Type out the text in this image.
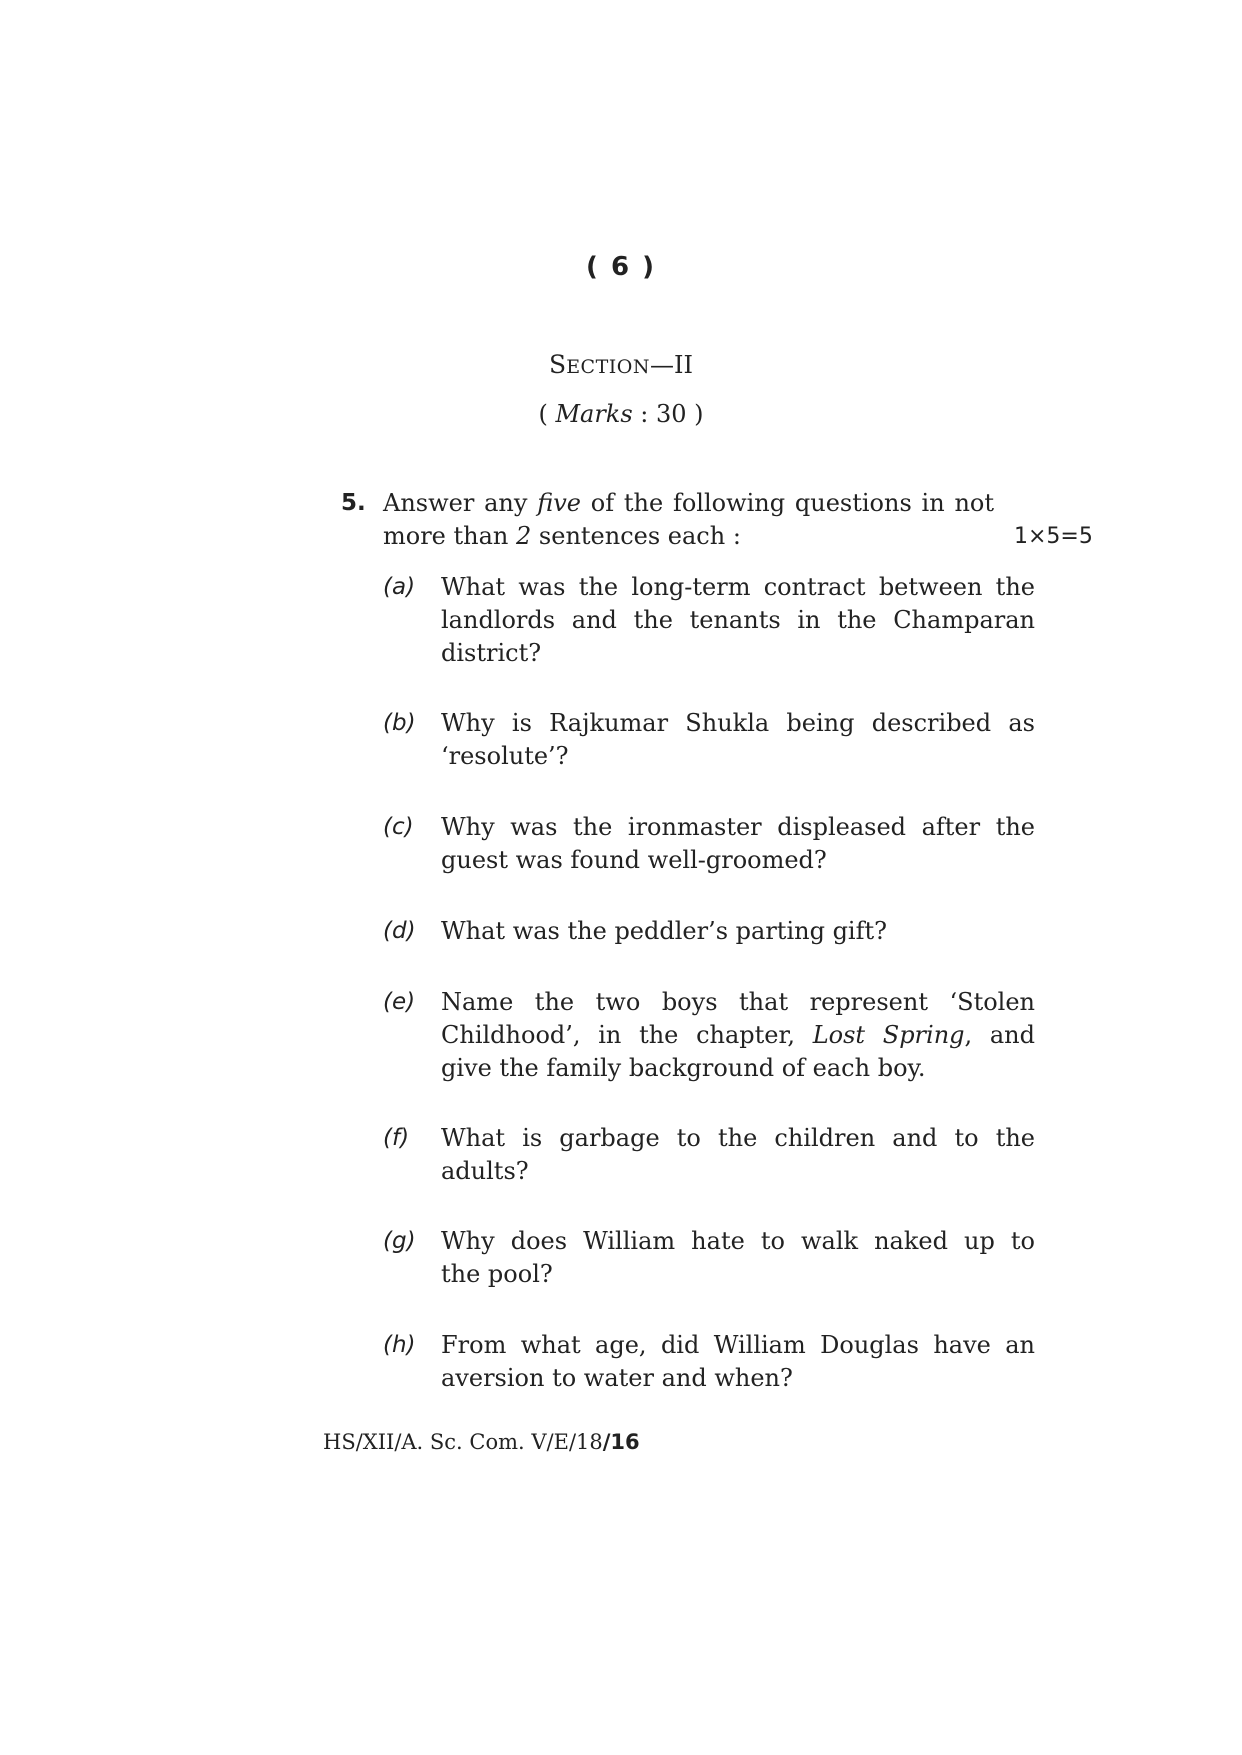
( 6 )
SECTION—II
( Marks : 30 )
5. Answer any five of the following questions in not
more than 2 sentences each :	1×5=5
(a) What was the long-term contract between the
landlords and the tenants in the Champaran
district?
(b) Why is Rajkumar Shukla being described as
‘resolute’?
(c) Why was the ironmaster displeased after the
guest was found well-groomed?
(d) What was the peddler’s parting gift?
(e) Name the two boys that represent ‘Stolen
Childhood’, in the chapter, Lost Spring, and
give the family background of each boy.
(f) What is garbage to the children and to the
adults?
(g) Why does William hate to walk naked up to
the pool?
(h) From what age, did William Douglas have an
aversion to water and when?
HS/XII/A. Sc. Com. V/E/18/16
